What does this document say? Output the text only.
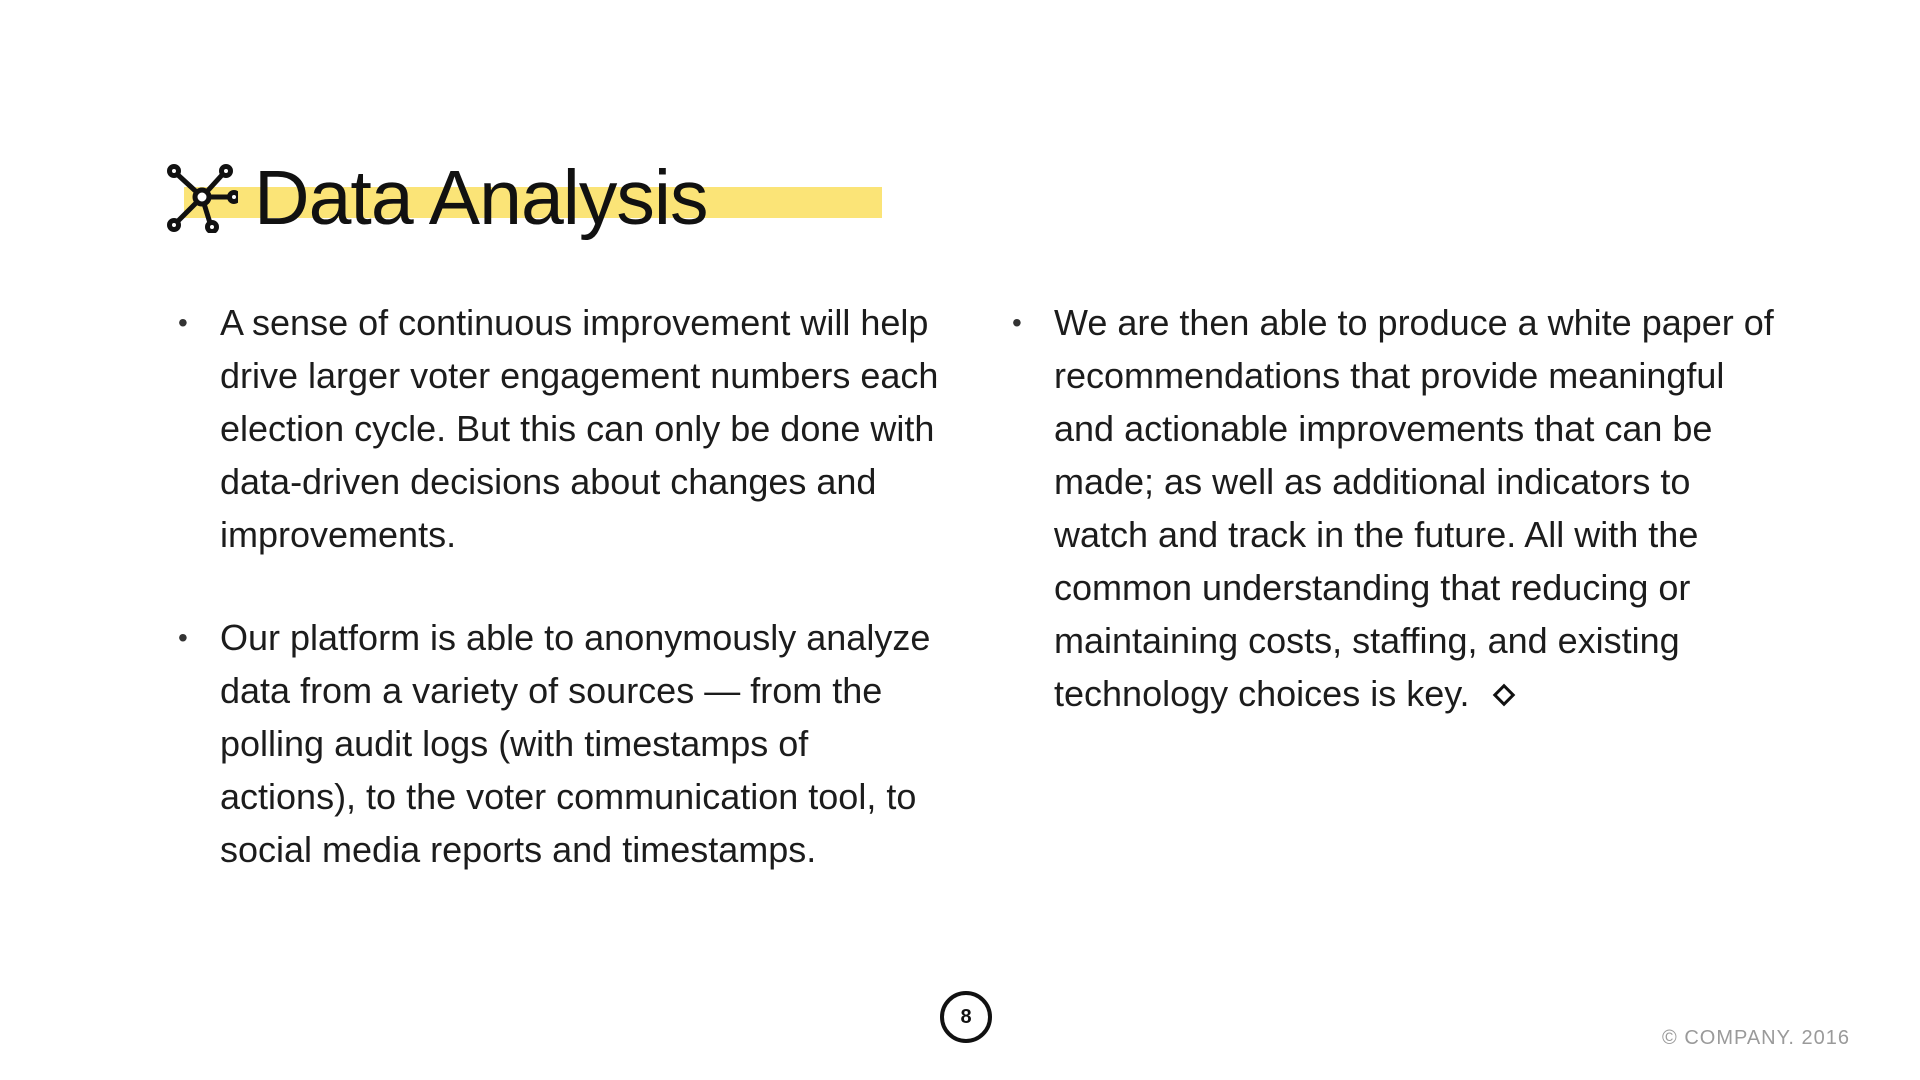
Data Analysis

• A sense of continuous improvement will help drive larger voter engagement numbers each election cycle. But this can only be done with data-driven decisions about changes and improvements.

• Our platform is able to anonymously analyze data from a variety of sources — from the polling audit logs (with timestamps of actions), to the voter communication tool, to social media reports and timestamps.

• We are then able to produce a white paper of recommendations that provide meaningful and actionable improvements that can be made; as well as additional indicators to watch and track in the future. All with the common understanding that reducing or maintaining costs, staffing, and existing technology choices is key.

8
© COMPANY. 2016
